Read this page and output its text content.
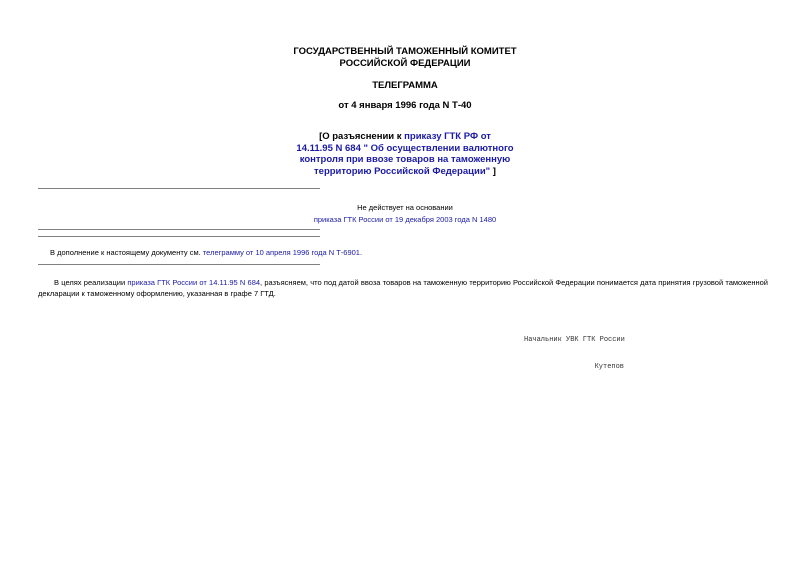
ГОСУДАРСТВЕННЫЙ ТАМОЖЕННЫЙ КОМИТЕТ
РОССИЙСКОЙ ФЕДЕРАЦИИ
ТЕЛЕГРАММА
от 4 января 1996 года N Т-40
[О разъяснении к приказу ГТК РФ от
14.11.95 N 684 " Об осуществлении валютного
контроля при ввозе товаров на таможенную
территорию Российской Федерации" ]
Не действует на основании
приказа ГТК России от 19 декабря 2003 года N 1480
В дополнение к настоящему документу см. телеграмму от 10 апреля 1996 года N Т-6901.
В целях реализации приказа ГТК России от 14.11.95 N 684, разъясняем, что под датой ввоза товаров на таможенную территорию Российской Федерации понимается дата принятия грузовой таможенной декларации к таможенному оформлению, указанная в графе 7 ГТД.

Начальник УВК ГТК России

Кутепов
